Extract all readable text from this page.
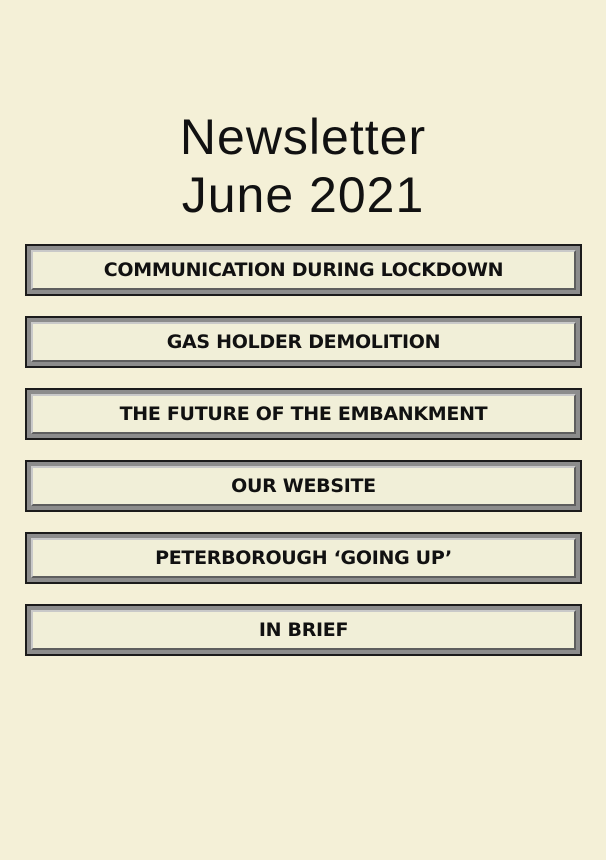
Newsletter
June 2021
COMMUNICATION DURING LOCKDOWN
GAS HOLDER DEMOLITION
THE FUTURE OF THE EMBANKMENT
OUR WEBSITE
PETERBOROUGH ‘GOING UP’
IN BRIEF
